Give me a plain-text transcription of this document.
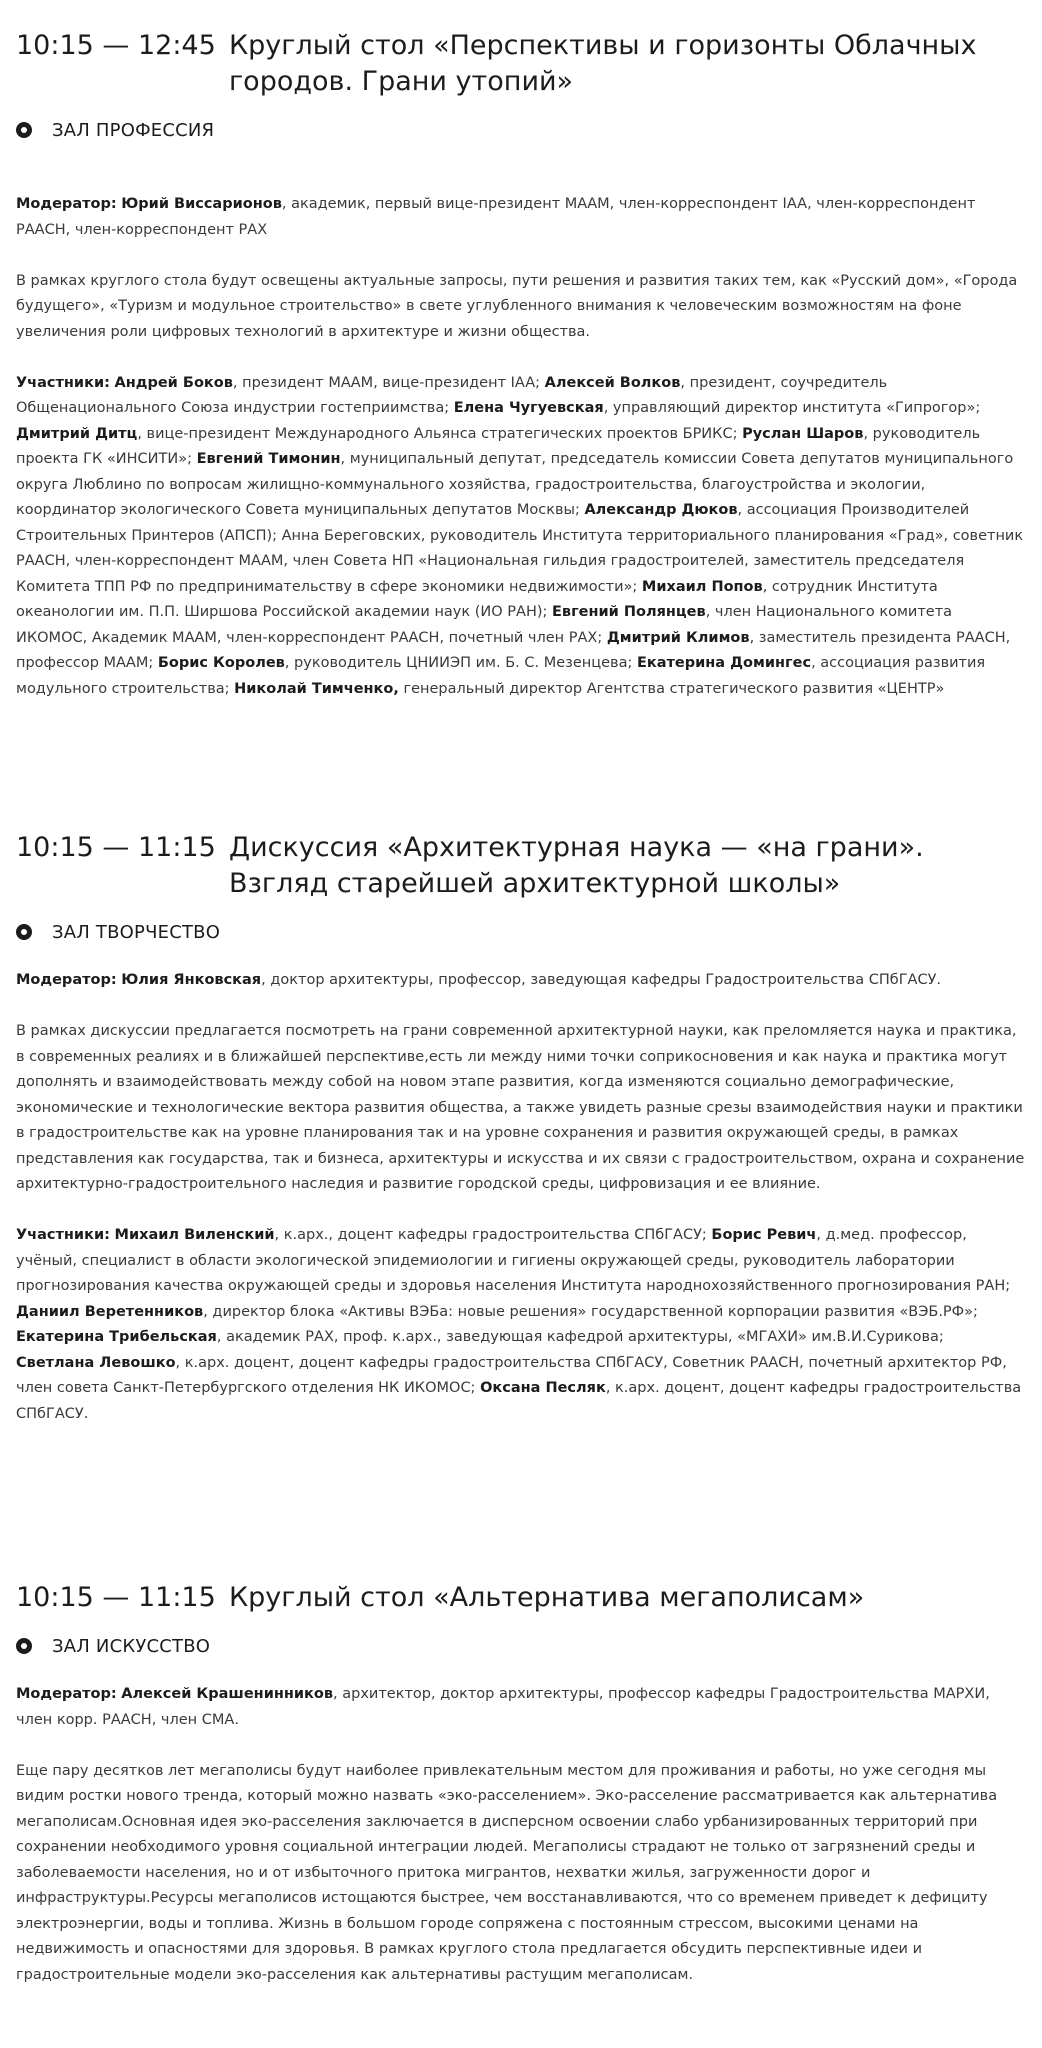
10:15 — 12:45 Круглый стол «Перспективы и горизонты Облачных городов. Грани утопий»
ЗАЛ ПРОФЕССИЯ

Модератор: Юрий Виссарионов, академик, первый вице-президент МААМ, член-корреспондент IAA, член-корреспондент РААСН, член-корреспондент РАХ

В рамках круглого стола будут освещены актуальные запросы, пути решения и развития таких тем, как «Русский дом», «Города будущего», «Туризм и модульное строительство» в свете углубленного внимания к человеческим возможностям на фоне увеличения роли цифровых технологий в архитектуре и жизни общества.

Участники: Андрей Боков, президент МААМ, вице-президент IAA; Алексей Волков, президент, соучредитель Общенационального Союза индустрии гостеприимства; Елена Чугуевская, управляющий директор института «Гипрогор»; Дмитрий Дитц, вице-президент Международного Альянса стратегических проектов БРИКС; Руслан Шаров, руководитель проекта ГК «ИНСИТИ»; Евгений Тимонин, муниципальный депутат, председатель комиссии Совета депутатов муниципального округа Люблино по вопросам жилищно-коммунального хозяйства, градостроительства, благоустройства и экологии, координатор экологического Совета муниципальных депутатов Москвы; Александр Дюков, ассоциация Производителей Строительных Принтеров (АПСП); Анна Береговских, руководитель Института территориального планирования «Град», советник РААСН, член-корреспондент МААМ, член Совета НП «Национальная гильдия градостроителей, заместитель председателя Комитета ТПП РФ по предпринимательству в сфере экономики недвижимости»; Михаил Попов, сотрудник Института океанологии им. П.П. Ширшова Российской академии наук (ИО РАН); Евгений Полянцев, член Национального комитета ИКОМОС, Академик МААМ, член-корреспондент РААСН, почетный член РАХ; Дмитрий Климов, заместитель президента РААСН, профессор МААМ; Борис Королев, руководитель ЦНИИЭП им. Б. С. Мезенцева; Екатерина Домингес, ассоциация развития модульного строительства; Николай Тимченко, генеральный директор Агентства стратегического развития «ЦЕНТР»

10:15 — 11:15 Дискуссия «Архитектурная наука — «на грани». Взгляд старейшей архитектурной школы»
ЗАЛ ТВОРЧЕСТВО

Модератор: Юлия Янковская, доктор архитектуры, профессор, заведующая кафедры Градостроительства СПбГАСУ.

В рамках дискуссии предлагается посмотреть на грани современной архитектурной науки, как преломляется наука и практика, в современных реалиях и в ближайшей перспективе,есть ли между ними точки соприкосновения и как наука и практика могут дополнять и взаимодействовать между собой на новом этапе развития, когда изменяются социально демографические, экономические и технологические вектора развития общества, а также увидеть разные срезы взаимодействия науки и практики в градостроительстве как на уровне планирования так и на уровне сохранения и развития окружающей среды, в рамках представления как государства, так и бизнеса, архитектуры и искусства и их связи с градостроительством, охрана и сохранение архитектурно-градостроительного наследия и развитие городской среды, цифровизация и ее влияние.

Участники: Михаил Виленский, к.арх., доцент кафедры градостроительства СПбГАСУ; Борис Ревич, д.мед. профессор, учёный, специалист в области экологической эпидемиологии и гигиены окружающей среды, руководитель лаборатории прогнозирования качества окружающей среды и здоровья населения Института народнохозяйственного прогнозирования РАН; Даниил Веретенников, директор блока «Активы ВЭБа: новые решения» государственной корпорации развития «ВЭБ.РФ»; Екатерина Трибельская, академик РАХ, проф. к.арх., заведующая кафедрой архитектуры, «МГАХИ» им.В.И.Сурикова; Светлана Левошко, к.арх. доцент, доцент кафедры градостроительства СПбГАСУ, Советник РААСН, почетный архитектор РФ, член совета Санкт-Петербургского отделения НК ИКОМОС; Оксана Песляк, к.арх. доцент, доцент кафедры градостроительства СПбГАСУ.

10:15 — 11:15 Круглый стол «Альтернатива мегаполисам»
ЗАЛ ИСКУССТВО

Модератор: Алексей Крашенинников, архитектор, доктор архитектуры, профессор кафедры Градостроительства МАРХИ, член корр. РААСН, член СМА.

Еще пару десятков лет мегаполисы будут наиболее привлекательным местом для проживания и работы, но уже сегодня мы видим ростки нового тренда, который можно назвать «эко-расселением». Эко-расселение рассматривается как альтернатива мегаполисам.Основная идея эко-расселения заключается в дисперсном освоении слабо урбанизированных территорий при сохранении необходимого уровня социальной интеграции людей. Мегаполисы страдают не только от загрязнений среды и заболеваемости населения, но и от избыточного притока мигрантов, нехватки жилья, загруженности дорог и инфраструктуры.Ресурсы мегаполисов истощаются быстрее, чем восстанавливаются, что со временем приведет к дефициту электроэнергии, воды и топлива. Жизнь в большом городе сопряжена с постоянным стрессом, высокими ценами на недвижимость и опасностями для здоровья. В рамках круглого стола предлагается обсудить перспективные идеи и градостроительные модели эко-расселения как альтернативы растущим мегаполисам.
